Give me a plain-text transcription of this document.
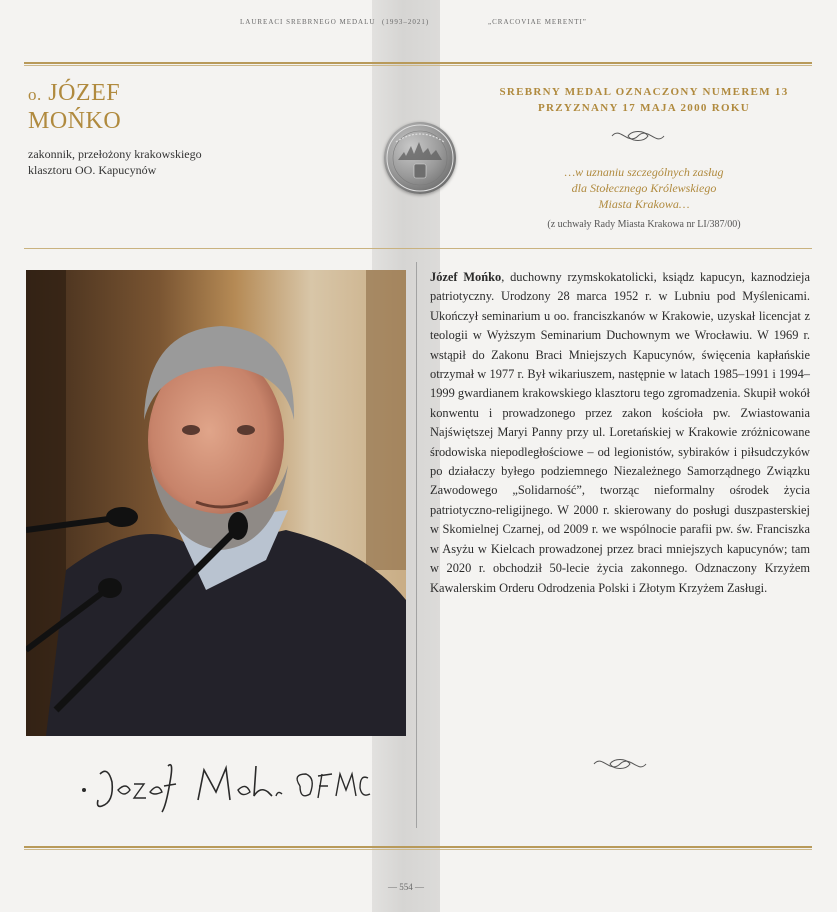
LAUREACI SREBRNEGO MEDALU (1993–2021)	„CRACOVIAE MERENTI”
o. JÓZEF
MOŃKO
zakonnik, przełożony krakowskiego klasztoru OO. Kapucynów
SREBRNY MEDAL OZNACZONY NUMEREM 13
PRZYZNANY 17 MAJA 2000 ROKU
…w uznaniu szczególnych zasług
dla Stołecznego Królewskiego
Miasta Krakowa…
(z uchwały Rady Miasta Krakowa nr LI/387/00)
Józef Mońko, duchowny rzymskokatolicki, ksiądz kapucyn, kaznodzieja patriotyczny. Urodzony 28 marca 1952 r. w Lubniu pod Myślenicami. Ukończył seminarium u oo. franciszkanów w Krakowie, uzyskał licencjat z teologii w Wyższym Seminarium Duchownym we Wrocławiu. W 1969 r. wstąpił do Zakonu Braci Mniejszych Kapucynów, święcenia kapłańskie otrzymał w 1977 r. Był wikariuszem, następnie w latach 1985–1991 i 1994–1999 gwardianem krakowskiego klasztoru tego zgromadzenia. Skupił wokół konwentu i prowadzonego przez zakon kościoła pw. Zwiastowania Najświętszej Maryi Panny przy ul. Loretańskiej w Krakowie zróżnicowane środowiska niepodległościowe – od legionistów, sybiraków i piłsudczyków po działaczy byłego podziemnego Niezależnego Samorządnego Związku Zawodowego „Solidarność”, tworząc nieformalny ośrodek życia patriotyczno-religijnego. W 2000 r. skierowany do posługi duszpasterskiej w Skomielnej Czarnej, od 2009 r. we wspólnocie parafii pw. św. Franciszka w Asyżu w Kielcach prowadzonej przez braci mniejszych kapucynów; tam w 2020 r. obchodził 50-lecie życia zakonnego. Odznaczony Krzyżem Kawalerskim Orderu Odrodzenia Polski i Złotym Krzyżem Zasługi.
— 554 —
